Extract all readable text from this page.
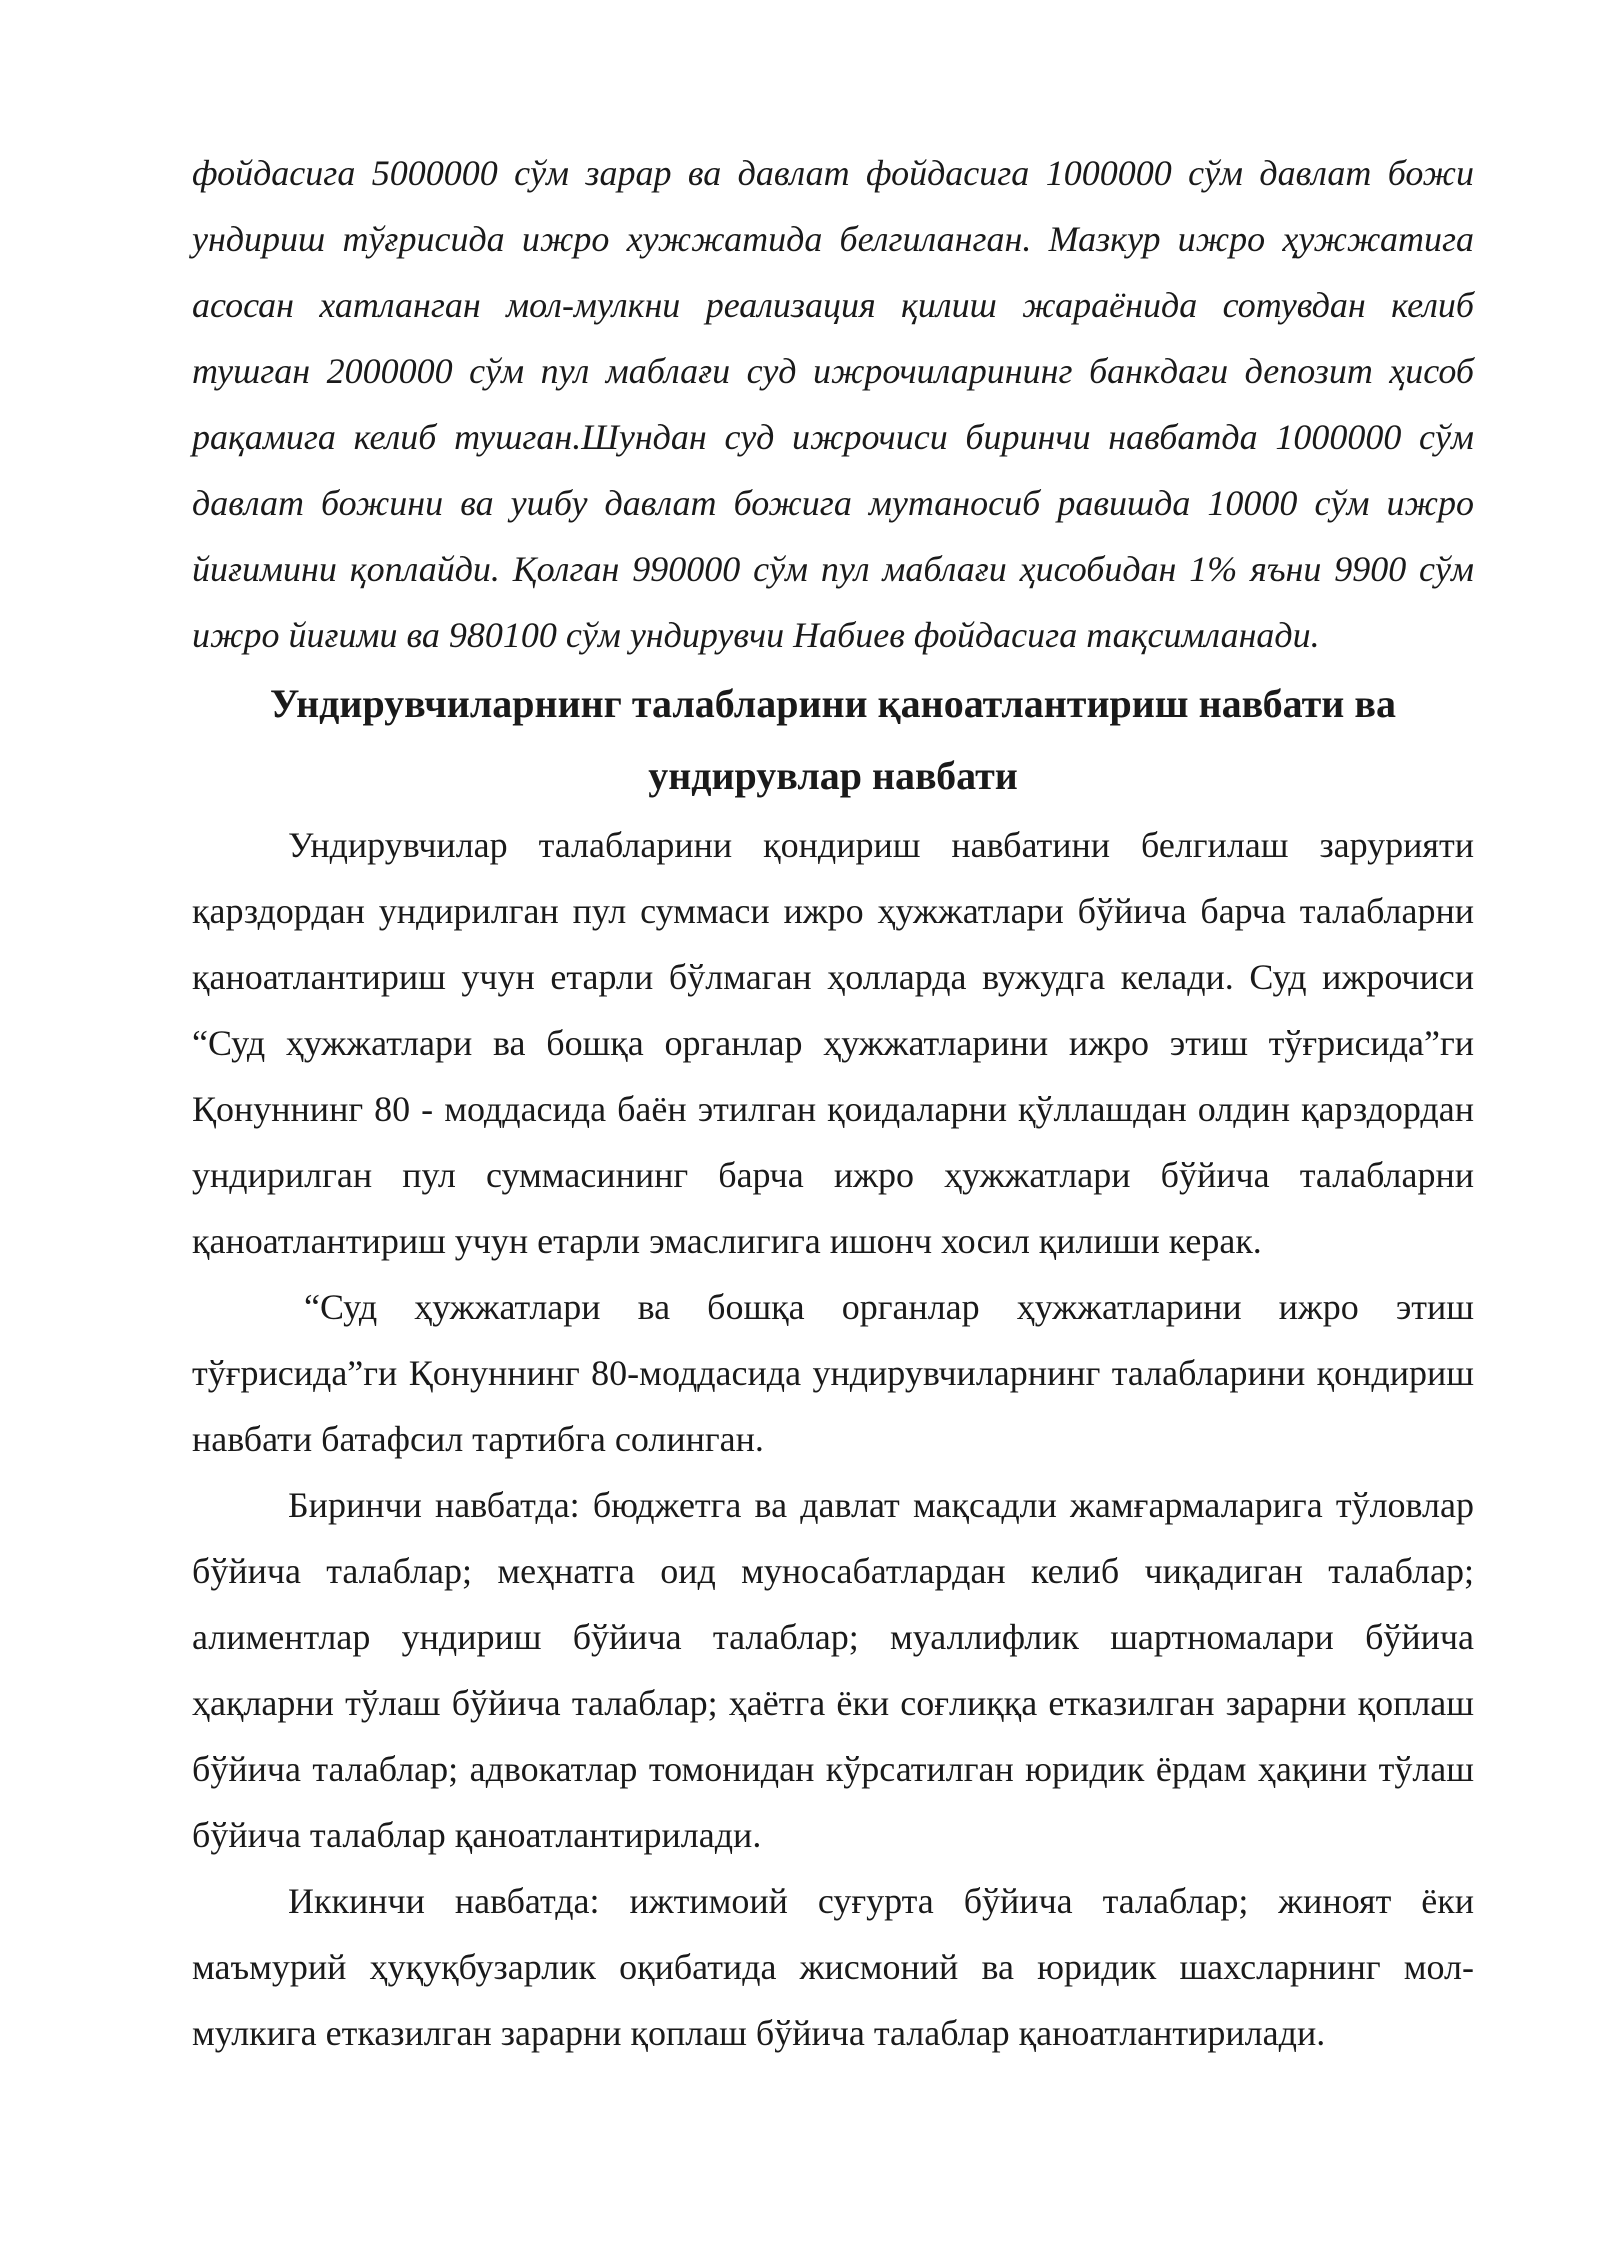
фойдасига 5000000 сўм зарар ва давлат фойдасига 1000000 сўм давлат божи ундириш тўғрисида ижро хужжатида белгиланган. Мазкур ижро ҳужжатига асосан хатланган мол-мулкни реализация қилиш жараёнида сотувдан келиб тушган 2000000 сўм пул маблағи суд ижрочиларининг банкдаги депозит ҳисоб рақамига келиб тушган.Шундан суд ижрочиси биринчи навбатда 1000000 сўм давлат божини ва ушбу давлат божига мутаносиб равишда 10000 сўм ижро йиғимини қоплайди. Қолган 990000 сўм пул маблағи ҳисобидан 1% яъни 9900 сўм ижро йиғими ва 980100 сўм ундирувчи Набиев фойдасига тақсимланади.

Ундирувчиларнинг талабларини қаноатлантириш навбати ва ундирувлар навбати

Ундирувчилар талабларини қондириш навбатини белгилаш зарурияти қарздордан ундирилган пул суммаси ижро ҳужжатлари бўйича барча талабларни қаноатлантириш учун етарли бўлмаган ҳолларда вужудга келади. Суд ижрочиси “Суд ҳужжатлари ва бошқа органлар ҳужжатларини ижро этиш тўғрисида”ги Қонуннинг 80 - моддасида баён этилган қоидаларни қўллашдан олдин қарздордан ундирилган пул суммасининг барча ижро ҳужжатлари бўйича талабларни қаноатлантириш учун етарли эмаслигига ишонч хосил қилиши керак.

“Суд ҳужжатлари ва бошқа органлар ҳужжатларини ижро этиш тўғрисида”ги Қонуннинг 80-моддасида ундирувчиларнинг талабларини қондириш навбати батафсил тартибга солинган.

Биринчи навбатда: бюджетга ва давлат мақсадли жамғармаларига тўловлар бўйича талаблар; меҳнатга оид муносабатлардан келиб чиқадиган талаблар; алиментлар ундириш бўйича талаблар; муаллифлик шартномалари бўйича ҳақларни тўлаш бўйича талаблар; ҳаётга ёки соғлиққа етказилган зарарни қоплаш бўйича талаблар; адвокатлар томонидан кўрсатилган юридик ёрдам ҳақини тўлаш бўйича талаблар қаноатлантирилади.

Иккинчи навбатда: ижтимоий суғурта бўйича талаблар; жиноят ёки маъмурий ҳуқуқбузарлик оқибатида жисмоний ва юридик шахсларнинг мол-мулкига етказилган зарарни қоплаш бўйича талаблар қаноатлантирилади.
